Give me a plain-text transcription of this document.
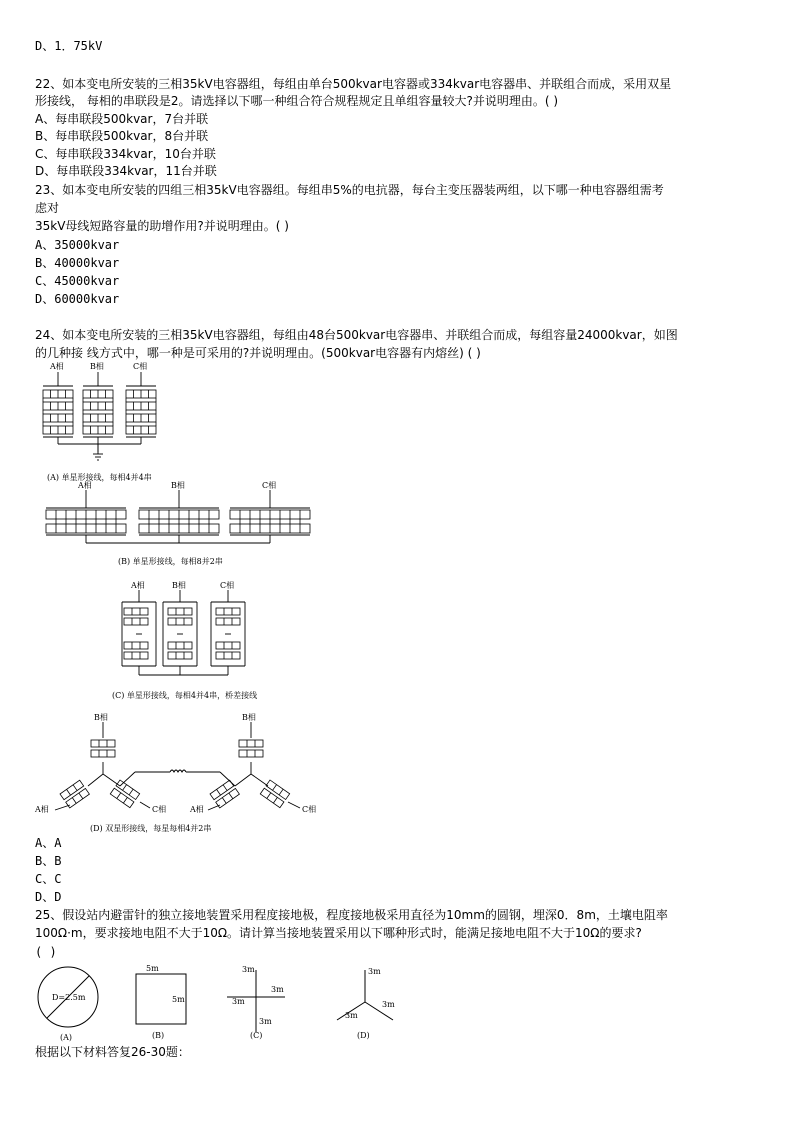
D、1．75kV
22、如本变电所安装的三相35kV电容器组，每组由单台500kvar电容器或334kvar电容器串、并联组合而成，采用双星
形接线， 每相的串联段是2。请选择以下哪一种组合符合规程规定且单组容量较大?并说明理由。( )
A、每串联段500kvar，7台并联
B、每串联段500kvar，8台并联
C、每串联段334kvar，10台并联
D、每串联段334kvar，11台并联
23、如本变电所安装的四组三相35kV电容器组。每组串5%的电抗器，每台主变压器装两组，以下哪一种电容器组需考
虑对
35kV母线短路容量的助增作用?并说明理由。( )
A、35000kvar
B、40000kvar
C、45000kvar
D、60000kvar
24、如本变电所安装的三相35kV电容器组，每组由48台500kvar电容器串、并联组合而成，每组容量24000kvar，如图
的几种接 线方式中，哪一种是可采用的?并说明理由。(500kvar电容器有内熔丝) ( )
A相	B相	C相
(A) 单星形接线，每相4并4串
A相	B相	C相
(B) 单星形接线，每相8并2串
A相	B相	C相
(C) 单星形接线，每相4并4串，桥差接线
B相	B相
A相	C相	A相	C相
(D) 双星形接线，每星每相4并2串
A、A
B、B
C、C
D、D
25、假设站内避雷针的独立接地装置采用程度接地极，程度接地极采用直径为10mm的圆钢，埋深0．8m，土壤电阻率
100Ω·m，要求接地电阻不大于10Ω。请计算当接地装置采用以下哪种形式时，能满足接地电阻不大于10Ω的要求?
( )
D=2.5m
5m
5m
3m
3m
3m
3m
3m
3m
3m
(A)	(B)	(C)	(D)
根据以下材料答复26-30题：
